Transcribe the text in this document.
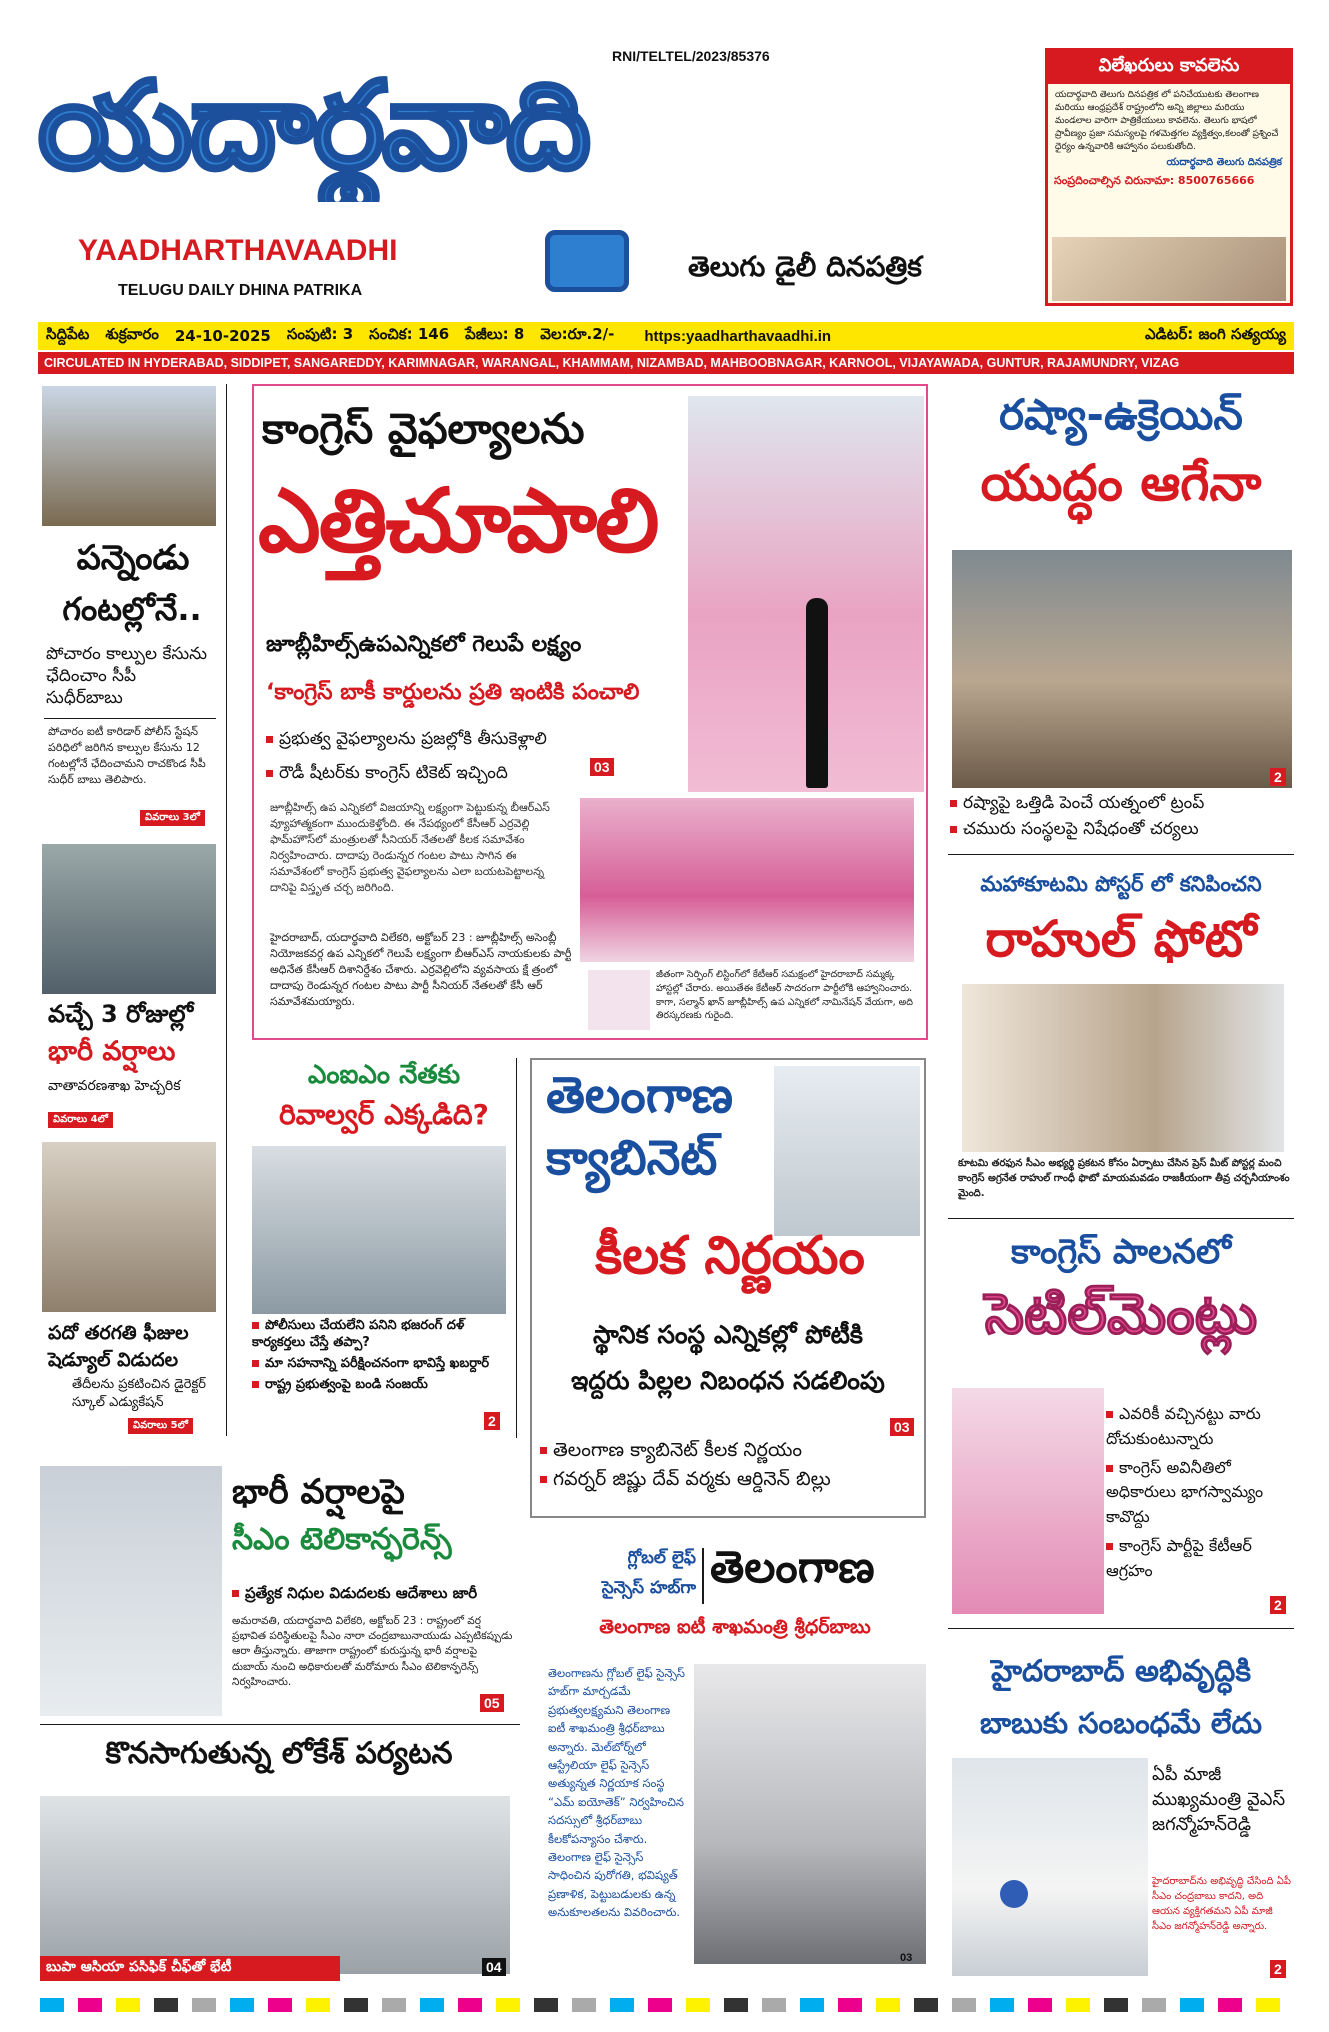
యదార్థవాది
RNI/TELTEL/2023/85376
YAADHARTHAVAADHI
TELUGU DAILY DHINA PATRIKA
తెలుగు డైలీ దినపత్రిక
విలేఖరులు కావలెను
యదార్థవాది తెలుగు దినపత్రిక లో పనిచేయుటకు తెలంగాణ మరియు ఆంధ్రప్రదేశ్ రాష్ట్రంలోని అన్ని జిల్లాలు మరియు మండలాల వారిగా పాత్రికేయులు కావలెను. తెలుగు భాషలో ప్రావీణ్యం ప్రజా సమస్యలపై గళమెత్తగల వ్యక్తిత్వం,కలంతో ప్రశ్నించే ధైర్యం ఉన్నవారికి ఆహ్వానం పలుకుతోంది.
యదార్థవాది తెలుగు దినపత్రిక
సంప్రదించాల్సిన చిరునామా: 8500765666
సిద్దిపేట శుక్రవారం 24-10-2025 సంపుటి: 3 సంచిక: 146 పేజీలు: 8 వెల:రూ.2/- https:yaadharthavaadhi.in	ఎడిటర్: జంగి సత్యయ్య
CIRCULATED IN HYDERABAD, SIDDIPET, SANGAREDDY, KARIMNAGAR, WARANGAL, KHAMMAM, NIZAMBAD, MAHBOOBNAGAR, KARNOOL, VIJAYAWADA, GUNTUR, RAJAMUNDRY, VIZAG
పన్నెండు
గంటల్లోనే..
పోచారం కాల్పుల కేసును ఛేదించాం సీపీ సుధీర్‌బాబు
పోచారం ఐటీ కారిడార్ పోలీస్ స్టేషన్ పరిధిలో జరిగిన కాల్పుల కేసును 12 గంటల్లోనే ఛేదించామని రాచకొండ సీపీ సుధీర్ బాబు తెలిపారు.
వివరాలు 3లో
వచ్చే 3 రోజుల్లో
భారీ వర్షాలు
వాతావరణశాఖ హెచ్చరిక
వివరాలు 4లో
పదో తరగతి ఫీజుల షెడ్యూల్ విడుదల
తేదీలను ప్రకటించిన డైరెక్టర్ స్కూల్ ఎడ్యుకేషన్
వివరాలు 5లో
కాంగ్రెస్ వైఫల్యాలను
ఎత్తిచూపాలి
జూబ్లీహిల్స్‌ఉపఎన్నికలో గెలుపే లక్ష్యం
‘కాంగ్రెస్ బాకీ కార్డులను ప్రతి ఇంటికి పంచాలి
ప్రభుత్వ వైఫల్యాలను ప్రజల్లోకి తీసుకెళ్లాలి
రౌడీ షీటర్‌కు కాంగ్రెస్ టికెట్ ఇచ్చింది	03
జూబ్లీహిల్స్ ఉప ఎన్నికలో విజయాన్ని లక్ష్యంగా పెట్టుకున్న బీఆర్ఎస్ వ్యూహాత్మకంగా ముందుకెళ్తోంది. ఈ నేపథ్యంలో కేసీఆర్ ఎర్రవెల్లి ఫామ్‌హౌస్‌లో మంత్రులతో సీనియర్ నేతలతో కీలక సమావేశం నిర్వహించారు. దాదాపు రెండున్నర గంటల పాటు సాగిన ఈ సమావేశంలో కాంగ్రెస్ ప్రభుత్వ వైఫల్యాలను ఎలా బయటపెట్టాలన్న దానిపై విస్తృత చర్చ జరిగింది.
హైదరాబాద్, యదార్థవాది విలేకరి, అక్టోబర్ 23 : జూబ్లీహిల్స్ అసెంబ్లీ నియోజకవర్గ ఉప ఎన్నికలో గెలుపే లక్ష్యంగా బీఆర్ఎస్ నాయకులకు పార్టీ అధినేత కేసీఆర్ దిశానిర్దేశం చేశారు. ఎర్రవెల్లిలోని వ్యవసాయ క్షే త్రంలో దాదాపు రెండున్నర గంటల పాటు పార్టీ సీనియర్ నేతలతో కేసీ ఆర్ సమావేశమయ్యారు.
జీతంగా సెర్ఫింగ్ లిస్టింగ్‌లో కేటీఆర్ సమక్షంలో హైదరాబాద్ సమ్మక్క హాస్టల్లో చేరారు. అయితేఈ కేటీఆర్ సాదరంగా పార్టీలోకి ఆహ్వానించారు. కాగా, సల్మాన్ ఖాన్ జూబ్లీహిల్స్ ఉప ఎన్నికలో నామినేషన్ వేయగా, అది తిరస్కరణకు గురైంది.
రష్యా-ఉక్రెయిన్
యుద్ధం ఆగేనా
2
రష్యాపై ఒత్తిడి పెంచే యత్నంలో ట్రంప్
చమురు సంస్థలపై నిషేధంతో చర్యలు
మహాకూటమి పోస్టర్ లో కనిపించని
రాహుల్ ఫోటో
కూటమి తరఫున సీఎం అభ్యర్థి ప్రకటన కోసం ఏర్పాటు చేసిన ప్రెస్ మీట్ పోస్టర్ల మంచి కాంగ్రెస్ అగ్రనేత రాహుల్ గాంధీ ఫొటో మాయమవడం రాజకీయంగా తీవ్ర చర్చనీయాంశం మైంది.
ఎంఐఎం నేతకు
రివాల్వర్ ఎక్కడిది?
పోలీసులు చేయలేని పనిని భజరంగ్ దళ్ కార్యకర్తలు చేస్తే తప్పా?
మా సహనాన్ని పరీక్షించనంగా భావిస్తే ఖబర్దార్
రాష్ట్ర ప్రభుత్వంపై బండి సంజయ్
2
తెలంగాణ
క్యాబినెట్
కీలక నిర్ణయం
స్థానిక సంస్థ ఎన్నికల్లో పోటీకి
ఇద్దరు పిల్లల నిబంధన సడలింపు
03
తెలంగాణ క్యాబినెట్ కీలక నిర్ణయం
గవర్నర్ జిష్ణు దేవ్ వర్మకు ఆర్డినెన్ బిల్లు
కాంగ్రెస్ పాలనలో
సెటిల్‌మెంట్లు
ఎవరికీ వచ్చినట్టు వారు దోచుకుంటున్నారు
కాంగ్రెస్ అవినీతిలో అధికారులు భాగస్వామ్యం కావొద్దు
కాంగ్రెస్ పార్టీపై కేటీఆర్ ఆగ్రహం
2
భారీ వర్షాలపై
సీఎం టెలికాన్ఫరెన్స్
ప్రత్యేక నిధుల విడుదలకు ఆదేశాలు జారీ
అమరావతి, యదార్థవాది విలేకరి, అక్టోబర్ 23 : రాష్ట్రంలో వర్ష ప్రభావిత పరిస్థితులపై సీఎం నారా చంద్రబాబునాయుడు ఎప్పటికప్పుడు ఆరా తీస్తున్నారు. తాజాగా రాష్ట్రంలో కురుస్తున్న భారీ వర్షాలపై దుబాయ్ నుంచి అధికారులతో మరోమారు సీఎం టెలికాన్ఫరెన్స్ నిర్వహించారు.
05
కొనసాగుతున్న లోకేశ్ పర్యటన
బుపా ఆసియా పసిఫిక్ చీఫ్‌తో భేటీ	04
గ్లోబల్ లైఫ్
సైన్సెస్ హబ్‌గా తెలంగాణ
తెలంగాణ ఐటీ శాఖమంత్రి శ్రీధర్‌బాబు
తెలంగాణను గ్లోబల్ లైఫ్ సైన్సెస్ హబ్‌గా మార్చడమే ప్రభుత్వలక్ష్యమని తెలంగాణ ఐటీ శాఖమంత్రి శ్రీధర్‌బాబు అన్నారు. మెల్‌బోర్న్‌లో ఆస్ట్రేలియా లైఫ్ సైన్సెస్ అత్యున్నత నిర్ణయాక సంస్థ “ఎమ్ ఐయోతెక్” నిర్వహించిన సదస్సులో శ్రీధర్‌బాబు కీలకోపన్యాసం చేశారు. తెలంగాణ లైఫ్ సైన్సెస్ సాధించిన పురోగతి, భవిష్యత్ ప్రణాళిక, పెట్టుబడులకు ఉన్న అనుకూలతలను వివరించారు.
03
హైదరాబాద్ అభివృద్ధికి
బాబుకు సంబంధమే లేదు
ఏపీ మాజీ ముఖ్యమంత్రి వైఎస్ జగన్మోహన్‌రెడ్డి
హైదరాబాద్‌ను అభివృద్ధి చేసింది ఏపీ సీఎం చంద్రబాబు కాదని, అది ఆయన వ్యక్తిగతమని ఏపీ మాజీ సీఎం జగన్మోహన్‌రెడ్డి అన్నారు.
2
